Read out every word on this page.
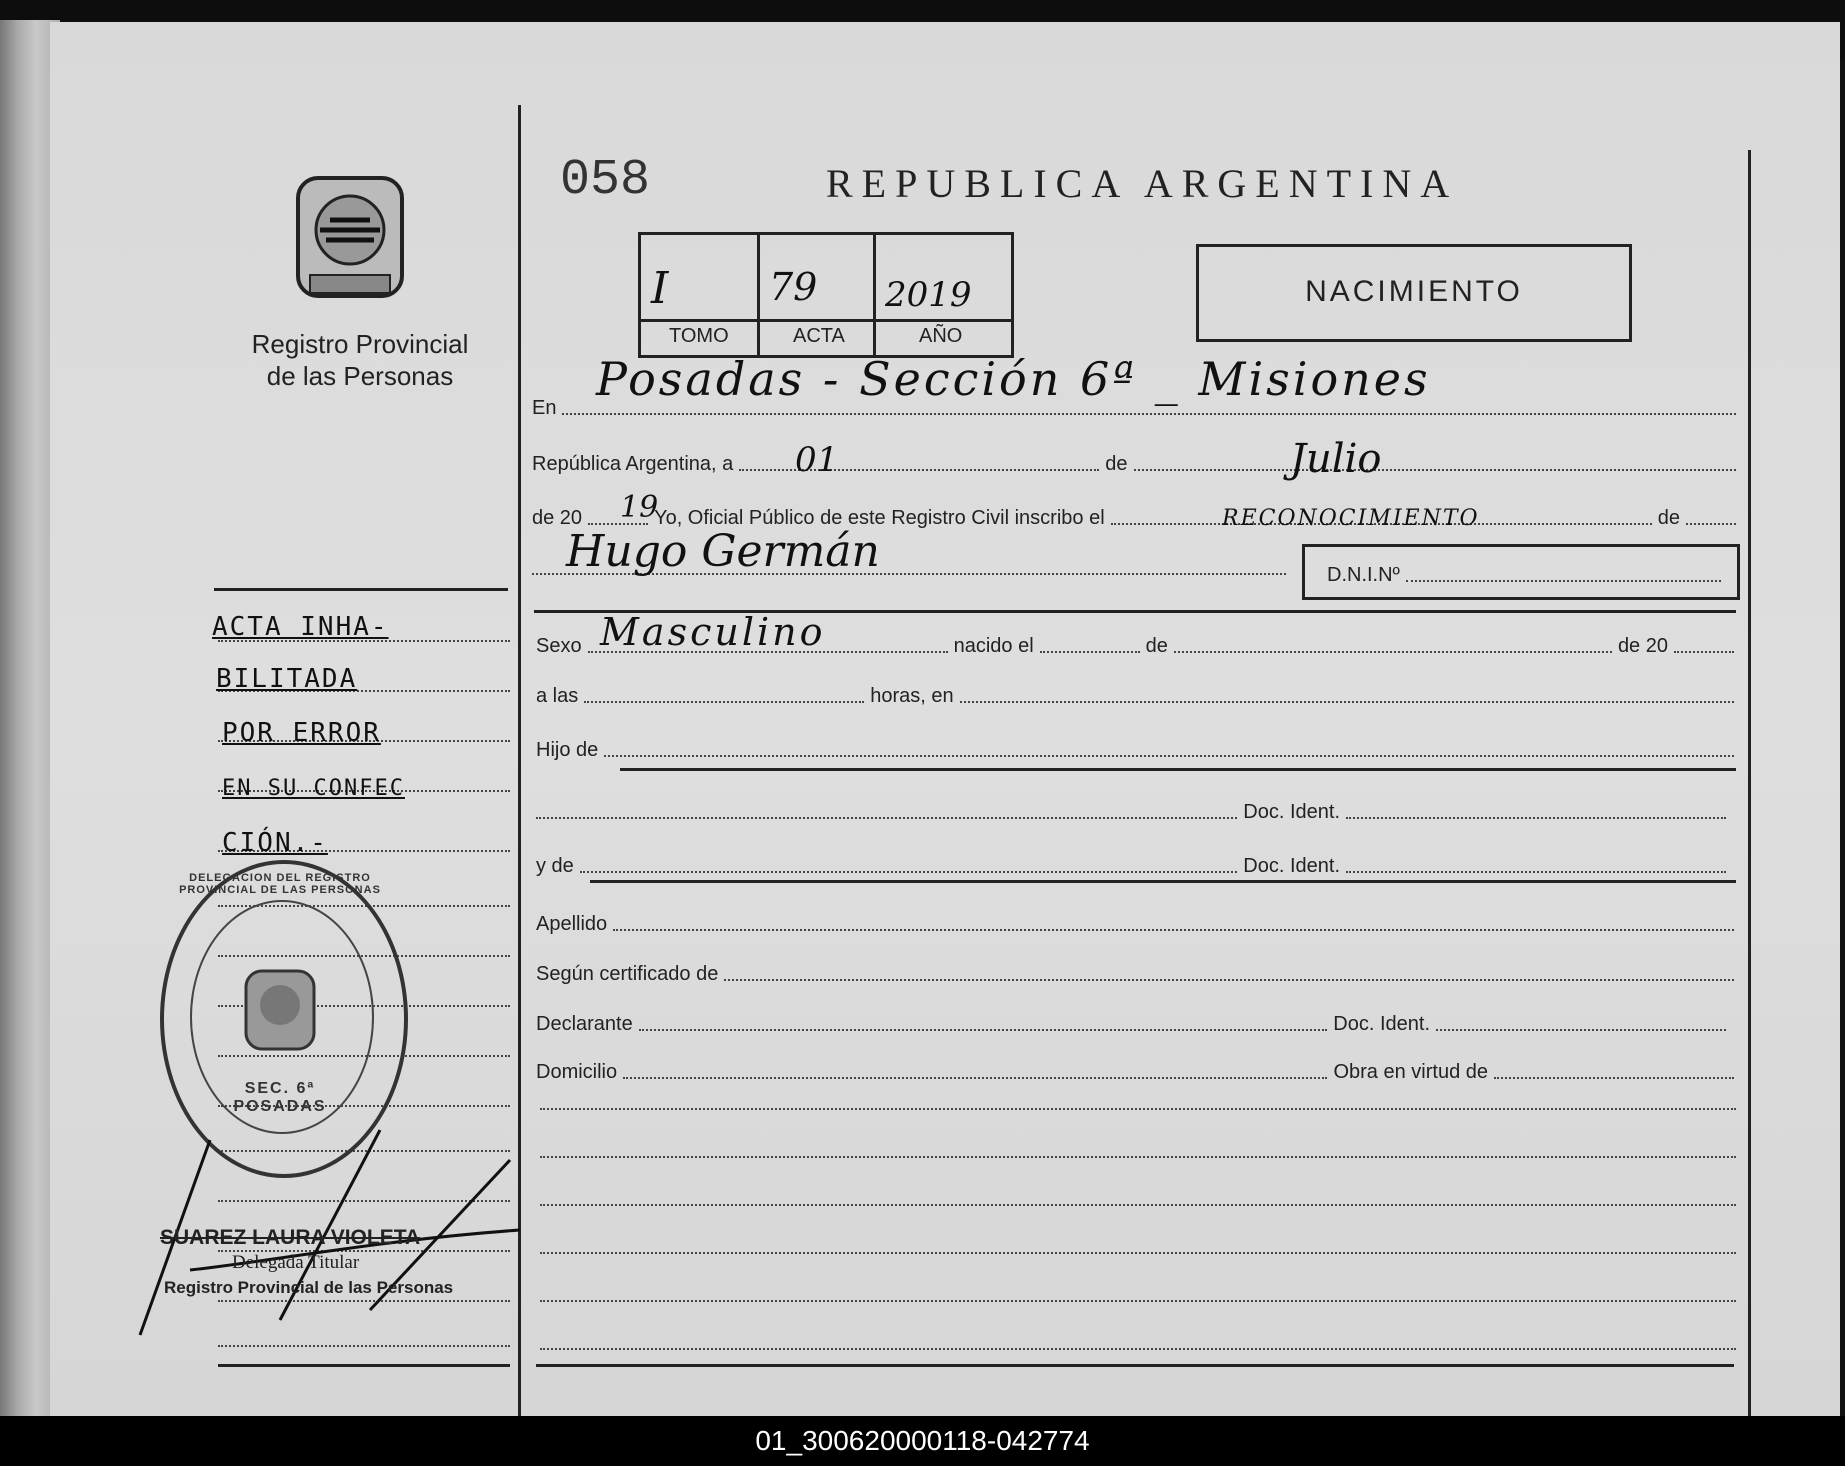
Registro Provincial
de las Personas
058	REPUBLICA ARGENTINA
I	79 2019
TOMO	ACTA	AÑO
NACIMIENTO
En
Posadas - Sección 6ª _ Misiones
República Argentina, a	de
01	Julio
de 20	Yo, Oficial Público de este Registro Civil inscribo el	de
19	RECONOCIMIENTO
Hugo Germán	D.N.I.Nº
Sexo	nacido el	de	de 20
Masculino
a las	horas, en
Hijo de
Doc. Ident.
y de	Doc. Ident.
Apellido
Según certificado de
Declarante	Doc. Ident.
Domicilio	Obra en virtud de
ACTA INHA-
BILITADA
POR ERROR
EN SU CONFEC
CIÓN.-
DELEGACION DEL REGISTRO PROVINCIAL DE LAS PERSONAS
SEC. 6ª POSADAS
SUAREZ LAURA VIOLETA
Delegada Titular
Registro Provincial de las Personas
01_300620000118-042774
